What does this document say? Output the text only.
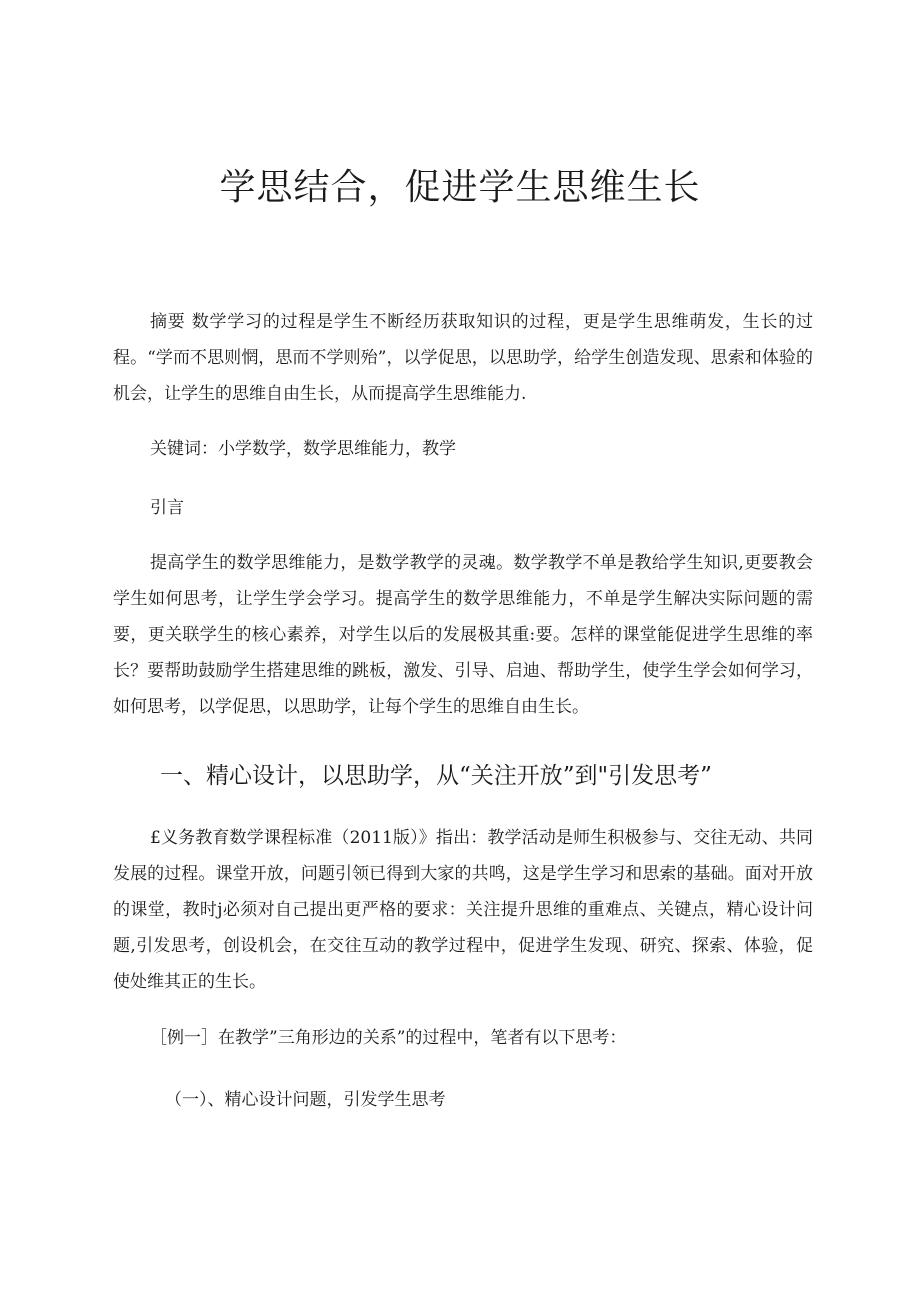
学思结合，促进学生思维生长

摘要 数学学习的过程是学生不断经历获取知识的过程，更是学生思维萌发，生长的过程。“学而不思则惘，思而不学则殆”，以学促思，以思助学，给学生创造发现、思索和体验的机会，让学生的思维自由生长，从而提高学生思维能力.

关键词：小学数学，数学思维能力，教学

引言

提高学生的数学思维能力，是数学教学的灵魂。数学教学不单是教给学生知识,更要教会学生如何思考，让学生学会学习。提高学生的数学思维能力，不单是学生解决实际问题的需要，更关联学生的核心素养，对学生以后的发展极其重:要。怎样的课堂能促进学生思维的率长？要帮助鼓励学生搭建思维的跳板，激发、引导、启迪、帮助学生，使学生学会如何学习，如何思考，以学促思，以思助学，让每个学生的思维自由生长。

一、精心设计，以思助学，从“关注开放”到"引发思考”

£义务教育数学课程标准（2011版）》指出：教学活动是师生积极参与、交往无动、共同发展的过程。课堂开放，问题引领已得到大家的共鸣，这是学生学习和思索的基础。面对开放的课堂，教时j必须对自己提出更严格的要求：关注提升思维的重难点、关键点，精心设计问题,引发思考，创设机会，在交往互动的教学过程中，促进学生发现、研究、探索、体验，促使处维其正的生长。

［例一］在教学”三角形边的关系”的过程中，笔者有以下思考：

（一）、精心设计问题，引发学生思考
